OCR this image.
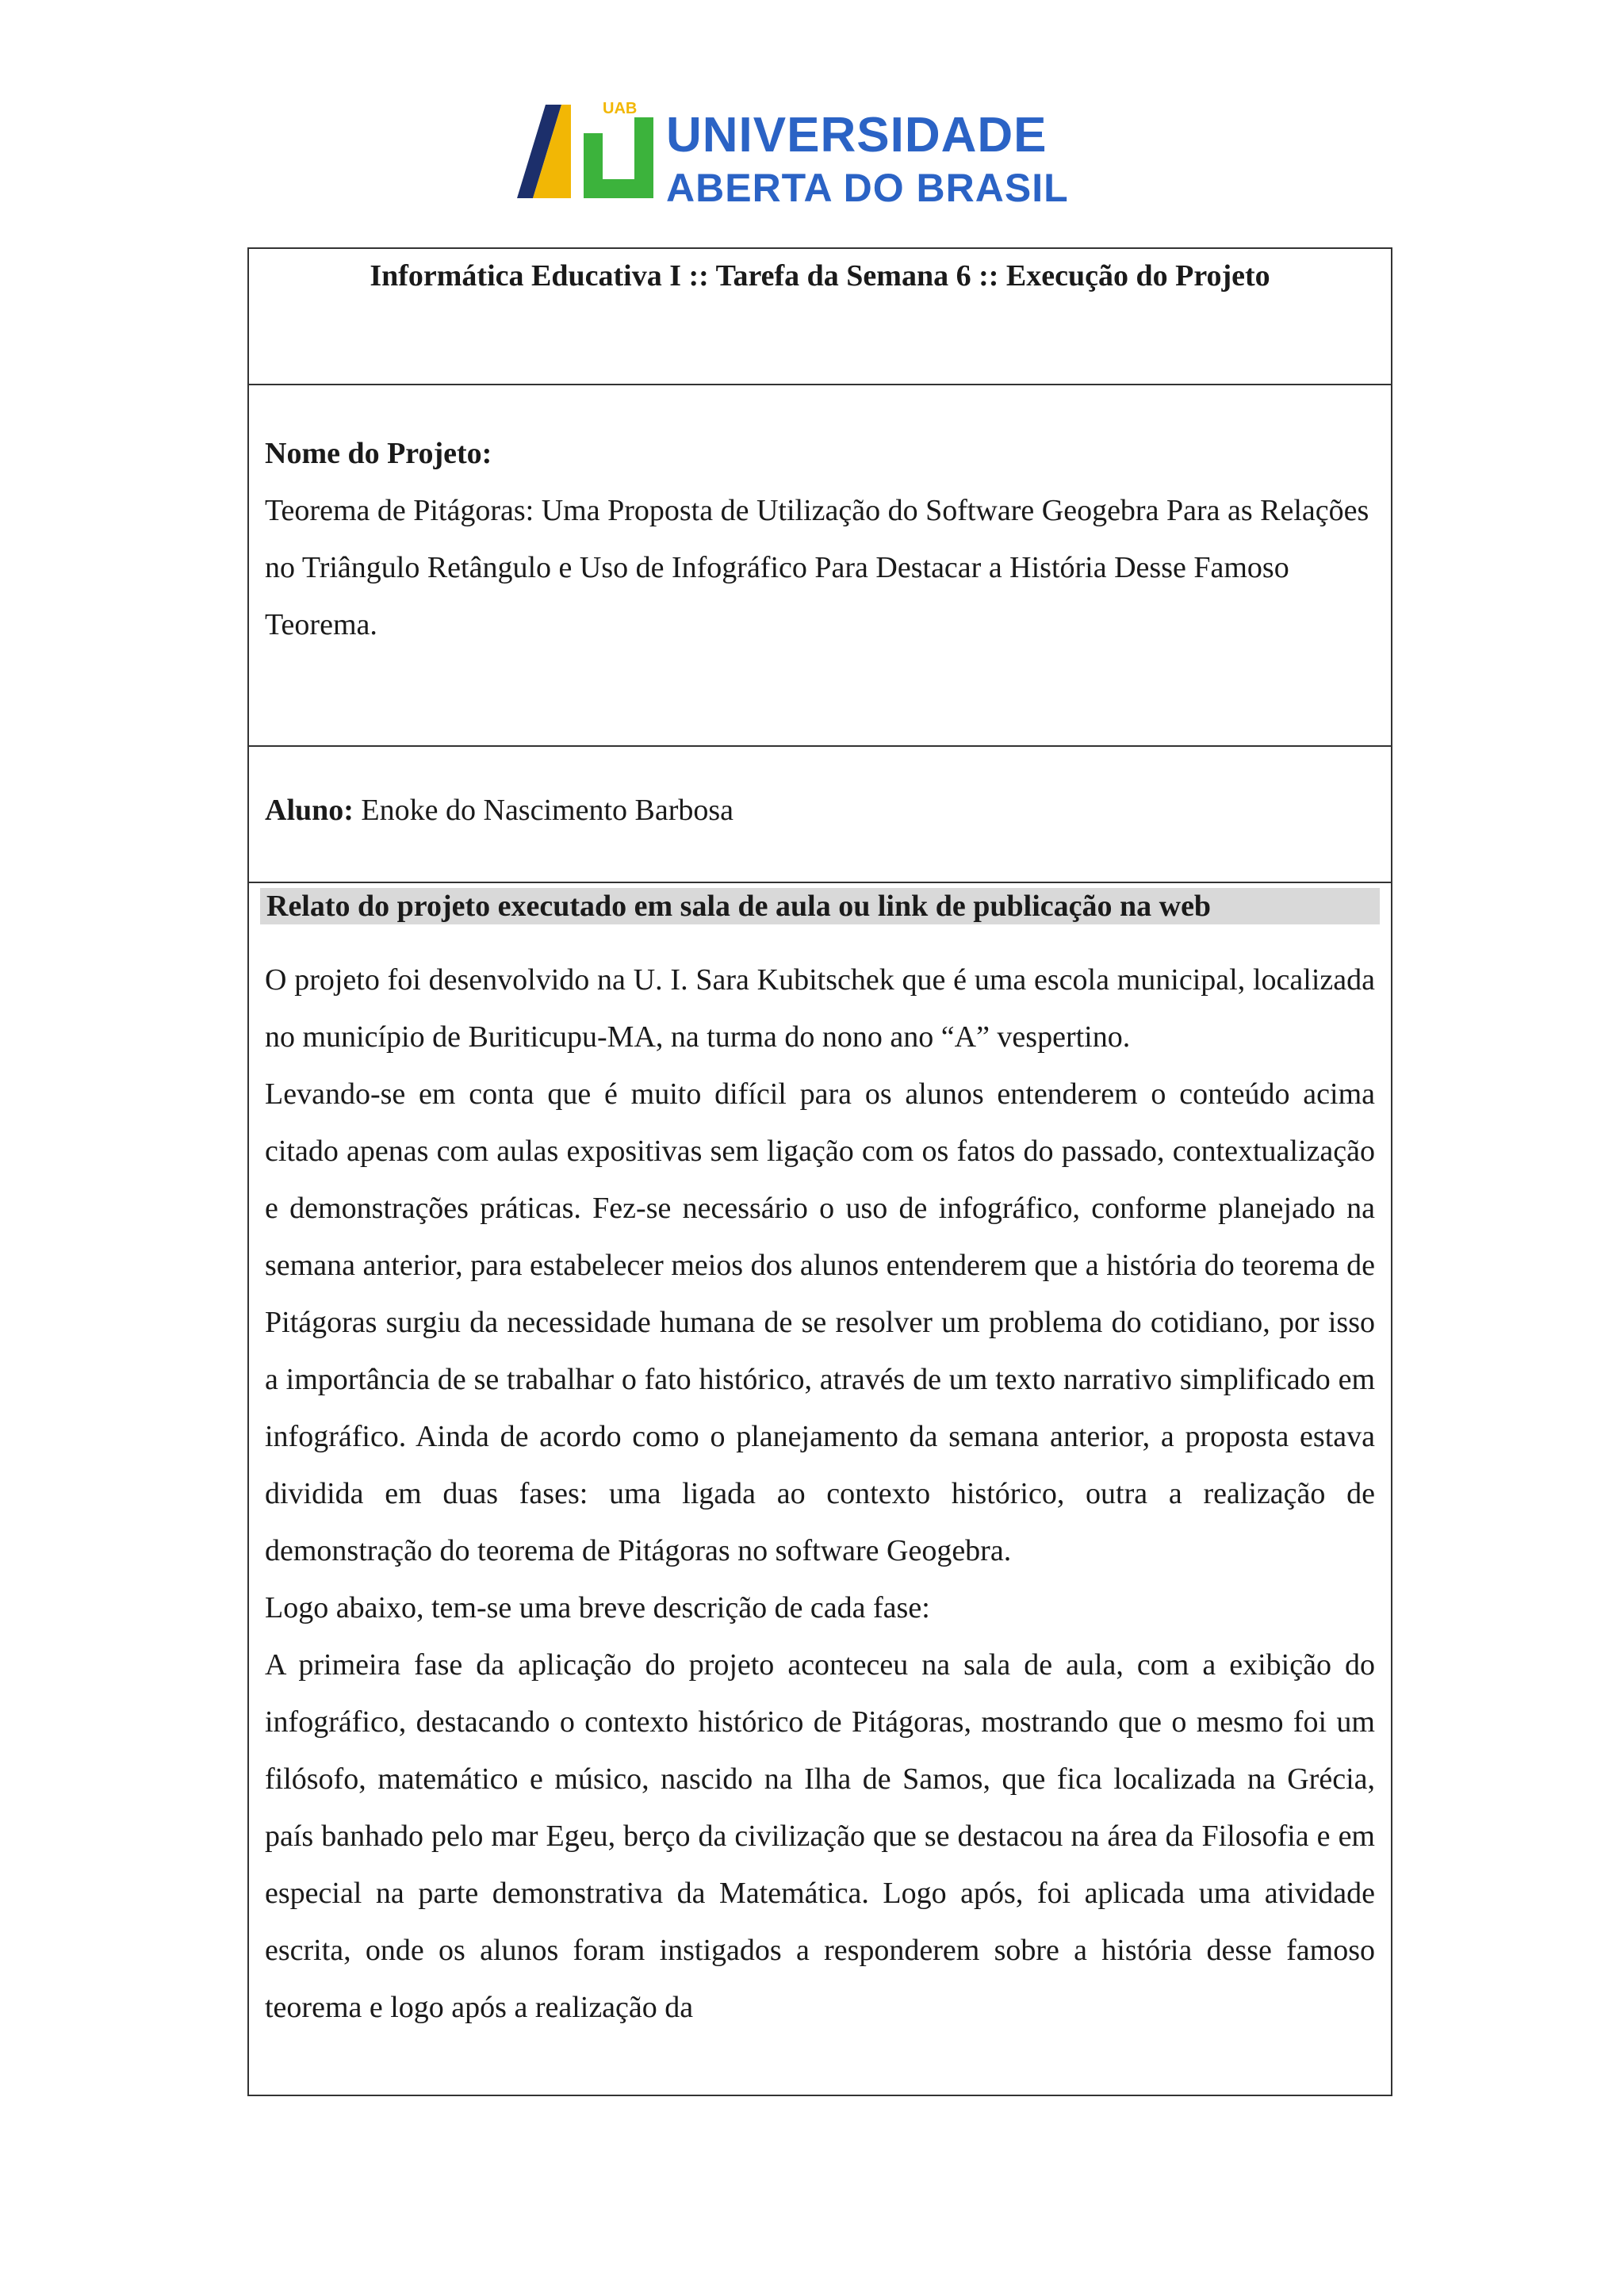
UAB UNIVERSIDADE
ABERTA DO BRASIL
Informática Educativa I :: Tarefa da Semana 6 :: Execução do Projeto
Nome do Projeto:
Teorema de Pitágoras: Uma Proposta de Utilização do Software Geogebra Para as Relações no Triângulo Retângulo e Uso de Infográfico Para Destacar a História Desse Famoso Teorema.
Aluno: Enoke do Nascimento Barbosa
Relato do projeto executado em sala de aula ou link de publicação na web

O projeto foi desenvolvido na U. I. Sara Kubitschek que é uma escola municipal, localizada no município de Buriticupu-MA, na turma do nono ano “A” vespertino.

Levando-se em conta que é muito difícil para os alunos entenderem o conteúdo acima citado apenas com aulas expositivas sem ligação com os fatos do passado, contextualização e demonstrações práticas. Fez-se necessário o uso de infográfico, conforme planejado na semana anterior, para estabelecer meios dos alunos entenderem que a história do teorema de Pitágoras surgiu da necessidade humana de se resolver um problema do cotidiano, por isso a importância de se trabalhar o fato histórico, através de um texto narrativo simplificado em infográfico. Ainda de acordo como o planejamento da semana anterior, a proposta estava dividida em duas fases: uma ligada ao contexto histórico, outra a realização de demonstração do teorema de Pitágoras no software Geogebra.

Logo abaixo, tem-se uma breve descrição de cada fase:

A primeira fase da aplicação do projeto aconteceu na sala de aula, com a exibição do infográfico, destacando o contexto histórico de Pitágoras, mostrando que o mesmo foi um filósofo, matemático e músico, nascido na Ilha de Samos, que fica localizada na Grécia, país banhado pelo mar Egeu, berço da civilização que se destacou na área da Filosofia e em especial na parte demonstrativa da Matemática. Logo após, foi aplicada uma atividade escrita, onde os alunos foram instigados a responderem sobre a história desse famoso teorema e logo após a realização da
